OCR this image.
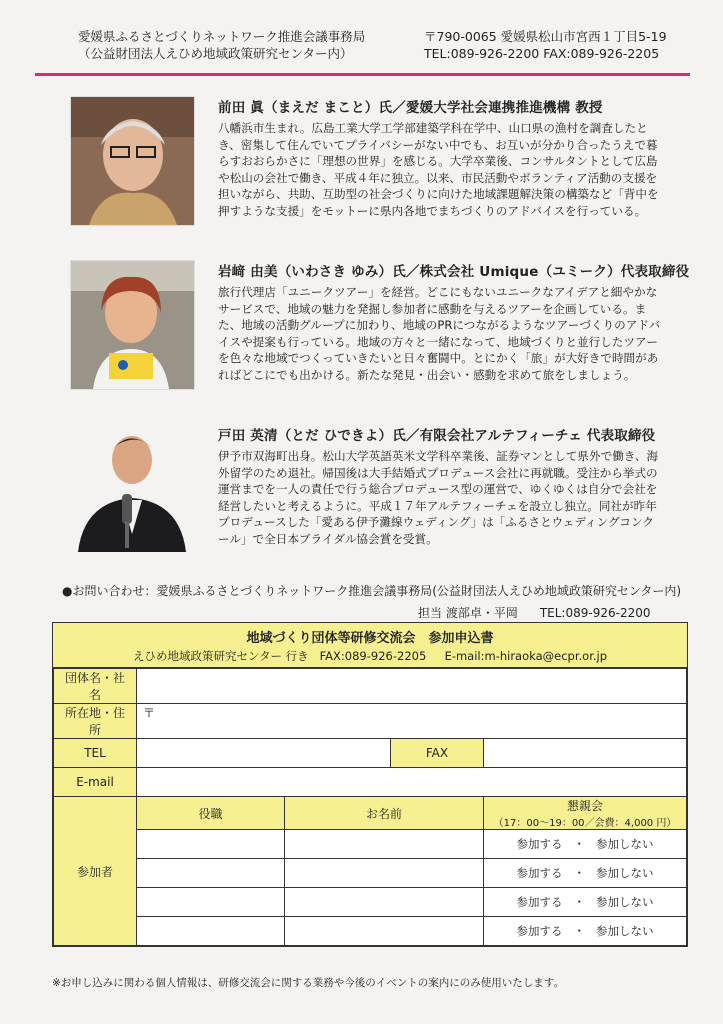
愛媛県ふるさとづくりネットワーク推進会議事務局	〒790-0065 愛媛県松山市宮西１丁目5-19
（公益財団法人えひめ地域政策研究センター内）	TEL:089-926-2200 FAX:089-926-2205
前田 眞（まえだ まこと）氏／愛媛大学社会連携推進機構 教授
八幡浜市生まれ。広島工業大学工学部建築学科在学中、山口県の漁村を調査したとき、密集して住んでいてプライバシーがない中でも、お互いが分かり合ったうえで暮らすおおらかさに「理想の世界」を感じる。大学卒業後、コンサルタントとして広島や松山の会社で働き、平成４年に独立。以来、市民活動やボランティア活動の支援を担いながら、共助、互助型の社会づくりに向けた地域課題解決策の構築など「背中を押すような支援」をモットーに県内各地でまちづくりのアドバイスを行っている。
岩﨑 由美（いわさき ゆみ）氏／株式会社 Umique（ユミーク）代表取締役
旅行代理店「ユニークツアー」を経営。どこにもないユニークなアイデアと細やかなサービスで、地域の魅力を発掘し参加者に感動を与えるツアーを企画している。また、地域の活動グループに加わり、地域のPRにつながるようなツアーづくりのアドバイスや提案も行っている。地域の方々と一緒になって、地域づくりと並行したツアーを色々な地域でつくっていきたいと日々奮闘中。とにかく「旅」が大好きで時間があればどこにでも出かける。新たな発見・出会い・感動を求めて旅をしましょう。
戸田 英清（とだ ひできよ）氏／有限会社アルテフィーチェ 代表取締役
伊予市双海町出身。松山大学英語英米文学科卒業後、証券マンとして県外で働き、海外留学のため退社。帰国後は大手結婚式プロデュース会社に再就職。受注から挙式の運営までを一人の責任で行う総合プロデュース型の運営で、ゆくゆくは自分で会社を経営したいと考えるように。平成１７年アルテフィーチェを設立し独立。同社が昨年プロデュースした「愛ある伊予灘線ウェディング」は「ふるさとウェディングコンクール」で全日本ブライダル協会賞を受賞。
●お問い合わせ：愛媛県ふるさとづくりネットワーク推進会議事務局(公益財団法人えひめ地域政策研究センター内)
担当 渡部卓・平岡 TEL:089-926-2200
地域づくり団体等研修交流会　参加申込書
えひめ地域政策研究センター 行き FAX:089-926-2205 E-mail:m-hiraoka@ecpr.or.jp
団体名・社名				
所在地・住所	〒			
TEL			FAX	
E-mail				
参加者	役職	お名前		懇親会
（17：00～19：00／会費：4,000 円）

				参加する ・ 参加しない
				参加する ・ 参加しない
				参加する ・ 参加しない
				参加する ・ 参加しない
※お申し込みに関わる個人情報は、研修交流会に関する業務や今後のイベントの案内にのみ使用いたします。
